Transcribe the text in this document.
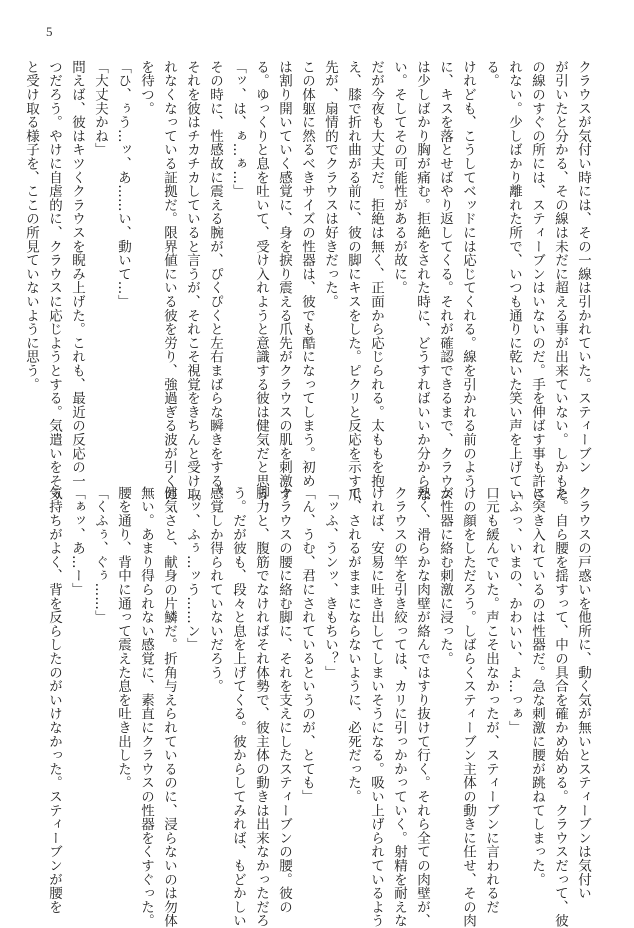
5

クラウスが気付い時には、その一線は引かれていた。スティーブン

が引いたと分かる、その線は未だに超える事が出来ていない。しかもそ

の線のすぐの所には、スティーブンはいないのだ。手を伸ばす事も許さ

れない。少しばかり離れた所で、いつも通りに乾いた笑い声を上げてい

る。

けれども、こうしてベッドには応じてくれる。線を引かれる前のよう

に、キスを落とせばやり返してくる。それが確認できるまで、クラウス

は少しばかり胸が痛む。拒絶をされた時に、どうすればいいか分からな

い。そしてその可能性があるが故に。

だが今夜も大丈夫だ。拒絶は無く、正面から応じられる。太ももを抱

え、膝で折れ曲がる前に、彼の脚にキスをした。ピクリと反応を示す爪

先が、扇情的でクラウスは好きだった。

この体躯に然るべきサイズの性器は、彼でも酷になってしまう。初め

は割り開いていく感覚に、身を捩り震える爪先がクラウスの肌を刺激す

る。ゆっくりと息を吐いて、受け入れようと意識する彼は健気だと思う。

「ッ、は、ぁ…ぁ…」

その時に、性感故に震える腕が、ぴくぴくと左右まばらな瞬きをする。

それを彼はチカチカしていると言うが、それこそ視覚をきちんと受け取

れなくなっている証拠だ。限界値にいる彼を労り、強過ぎる波が引くの

を待つ。

「ひ、ぅう…ッ、あ……い、動いて…」

「大丈夫かね」

問えば、彼はキツくクラウスを睨み上げた。これも、最近の反応の一

つだろう。やけに自虐的に、クラウスに応じようとする。気遣いをそう

と受け取る様子を、ここの所見ていないように思う。

クラウスの戸惑いを他所に、動く気が無いとスティーブンは気付い

た。自ら腰を揺すって、中の具合を確かめ始める。クラウスだって、彼

に突き入れているのは性器だ。急な刺激に腰が跳ねてしまった。

「ふっ、いまの、かわいい、よ…っぁ」

口元も緩んでいた。声こそ出なかったが、スティーブンに言われるだ

けの顔をしただろう。しばらくスティーブン主体の動きに任せ、その肉

が性器に絡む刺激に浸った。

熱く、滑らかな肉壁が絡んではすり抜けて行く。それら全ての肉壁が、

クラウスの竿を引き絞っては、カリに引っかかっていく。射精を耐えな

ければ、安易に吐き出してしまいそうになる。吸い上げられているよう

で、されるがままにならないように、必死だった。

「ッふ、うンッ、きもちい？」

「ん、うむ、君にされているというのが、とても」

クラウスの腰に絡む脚に、それを支えにしたスティーブンの腰。彼の

脚力と、腹筋でなければそれ体勢で、彼主体の動きは出来なかっただろ

う。だが彼も、段々と息を上げてくる。彼からしてみれば、もどかしい

感覚しか得られていないだろう。

「ッ、ふぅ…ッう……ン」

健気さと、献身の片鱗だ。折角与えられているのに、浸らないのは勿体

無い。あまり得られない感覚に、素直にクラウスの性器をくすぐった。

腰を通り、背中に通って震えた息を吐き出した。

「くふぅ、ぐぅ……」

「ぁッ、あ…ー」

気持ちがよく、背を反らしたのがいけなかった。スティーブンが腰を
